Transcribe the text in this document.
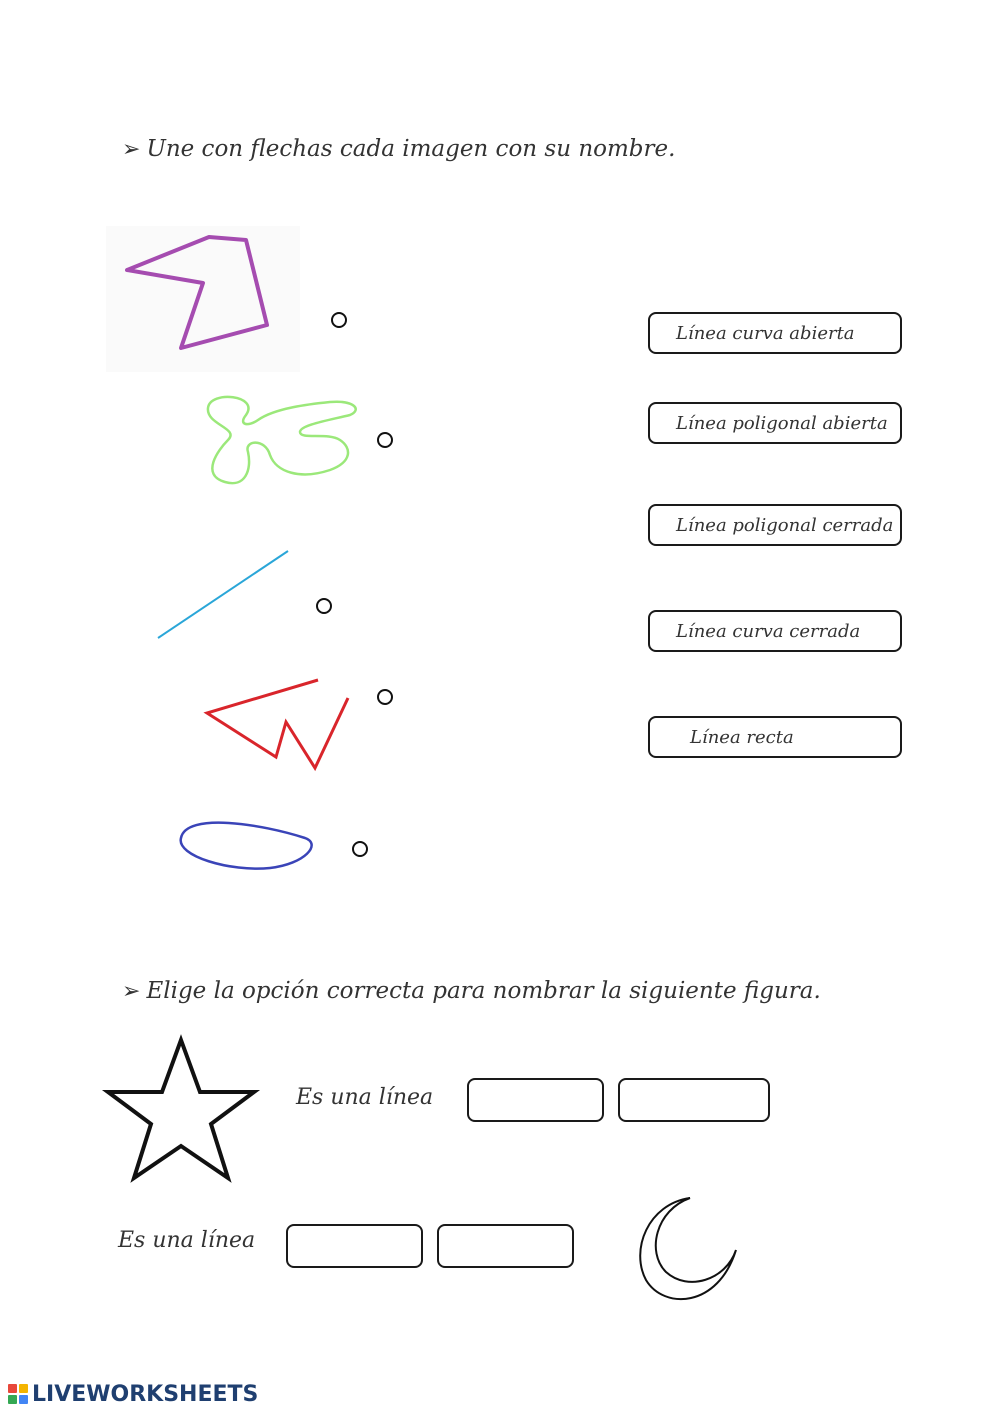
➢ Une con flechas cada imagen con su nombre.
Línea curva abierta
Línea poligonal abierta
Línea poligonal cerrada
Línea curva cerrada
Línea recta
➢ Elige la opción correcta para nombrar la siguiente figura.
Es una línea
Es una línea
LIVEWORKSHEETS
